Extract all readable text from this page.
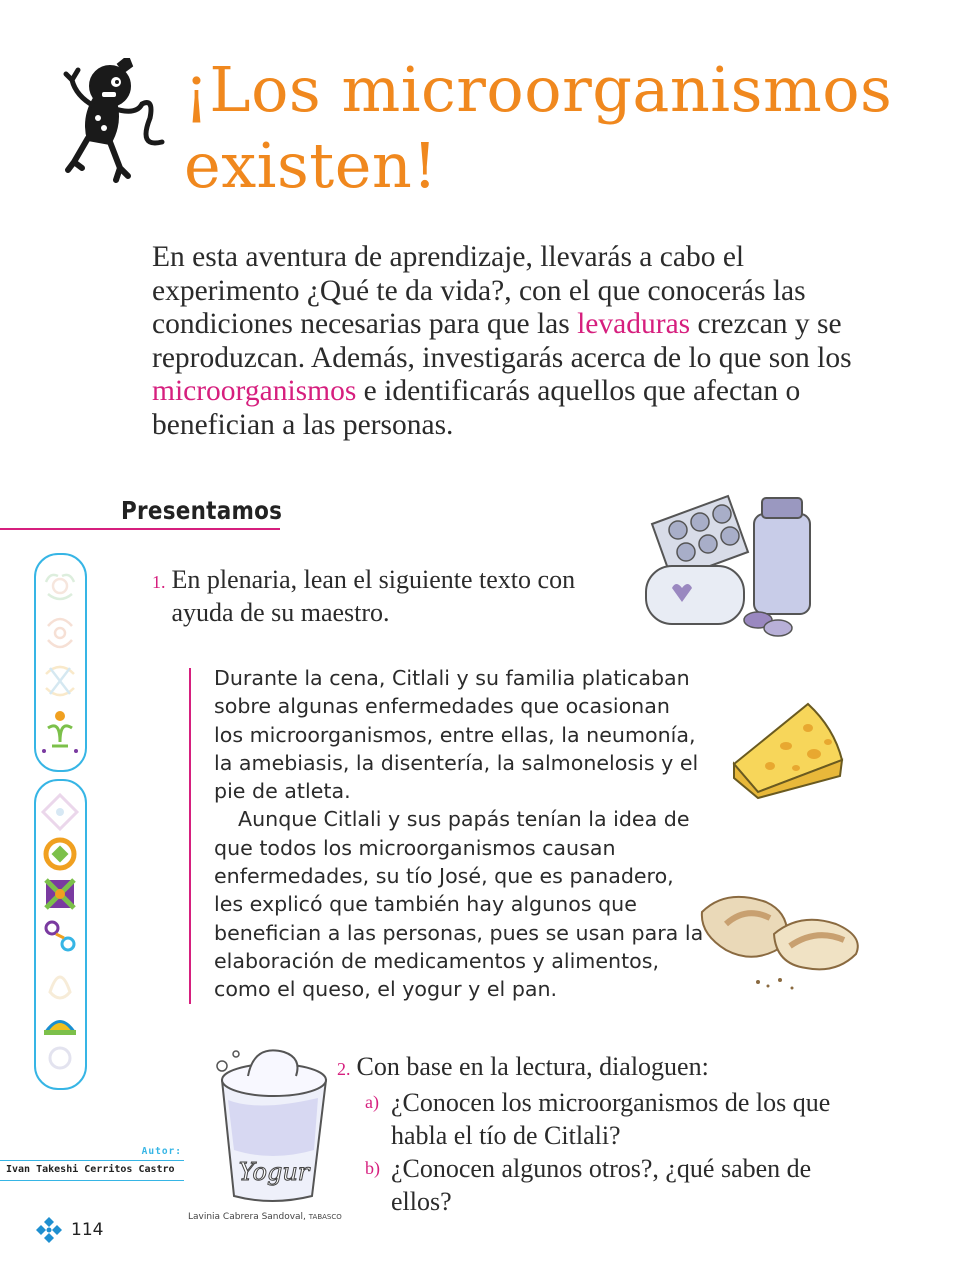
¡Los microorganismos existen!

En esta aventura de aprendizaje, llevarás a cabo el experimento ¿Qué te da vida?, con el que conocerás las condiciones necesarias para que las levaduras crezcan y se reproduzcan. Además, investigarás acerca de lo que son los microorganismos e identificarás aquellos que afectan o benefician a las personas.

Presentamos
1. En plenaria, lean el siguiente texto con ayuda de su maestro.
Durante la cena, Citlali y su familia platicaban sobre algunas enfermedades que ocasionan los microorganismos, entre ellas, la neumonía, la amebiasis, la disentería, la salmonelosis y el pie de atleta.
Aunque Citlali y sus papás tenían la idea de que todos los microorganismos causan enfermedades, su tío José, que es panadero, les explicó que también hay algunos que benefician a las personas, pues se usan para la elaboración de medicamentos y alimentos, como el queso, el yogur y el pan.
Yogur
2. Con base en la lectura, dialoguen:
a) ¿Conocen los microorganismos de los que habla el tío de Citlali?
b) ¿Conocen algunos otros?, ¿qué saben de ellos?
Autor:
Ivan Takeshi Cerritos Castro
Lavinia Cabrera Sandoval, TABASCO
114
